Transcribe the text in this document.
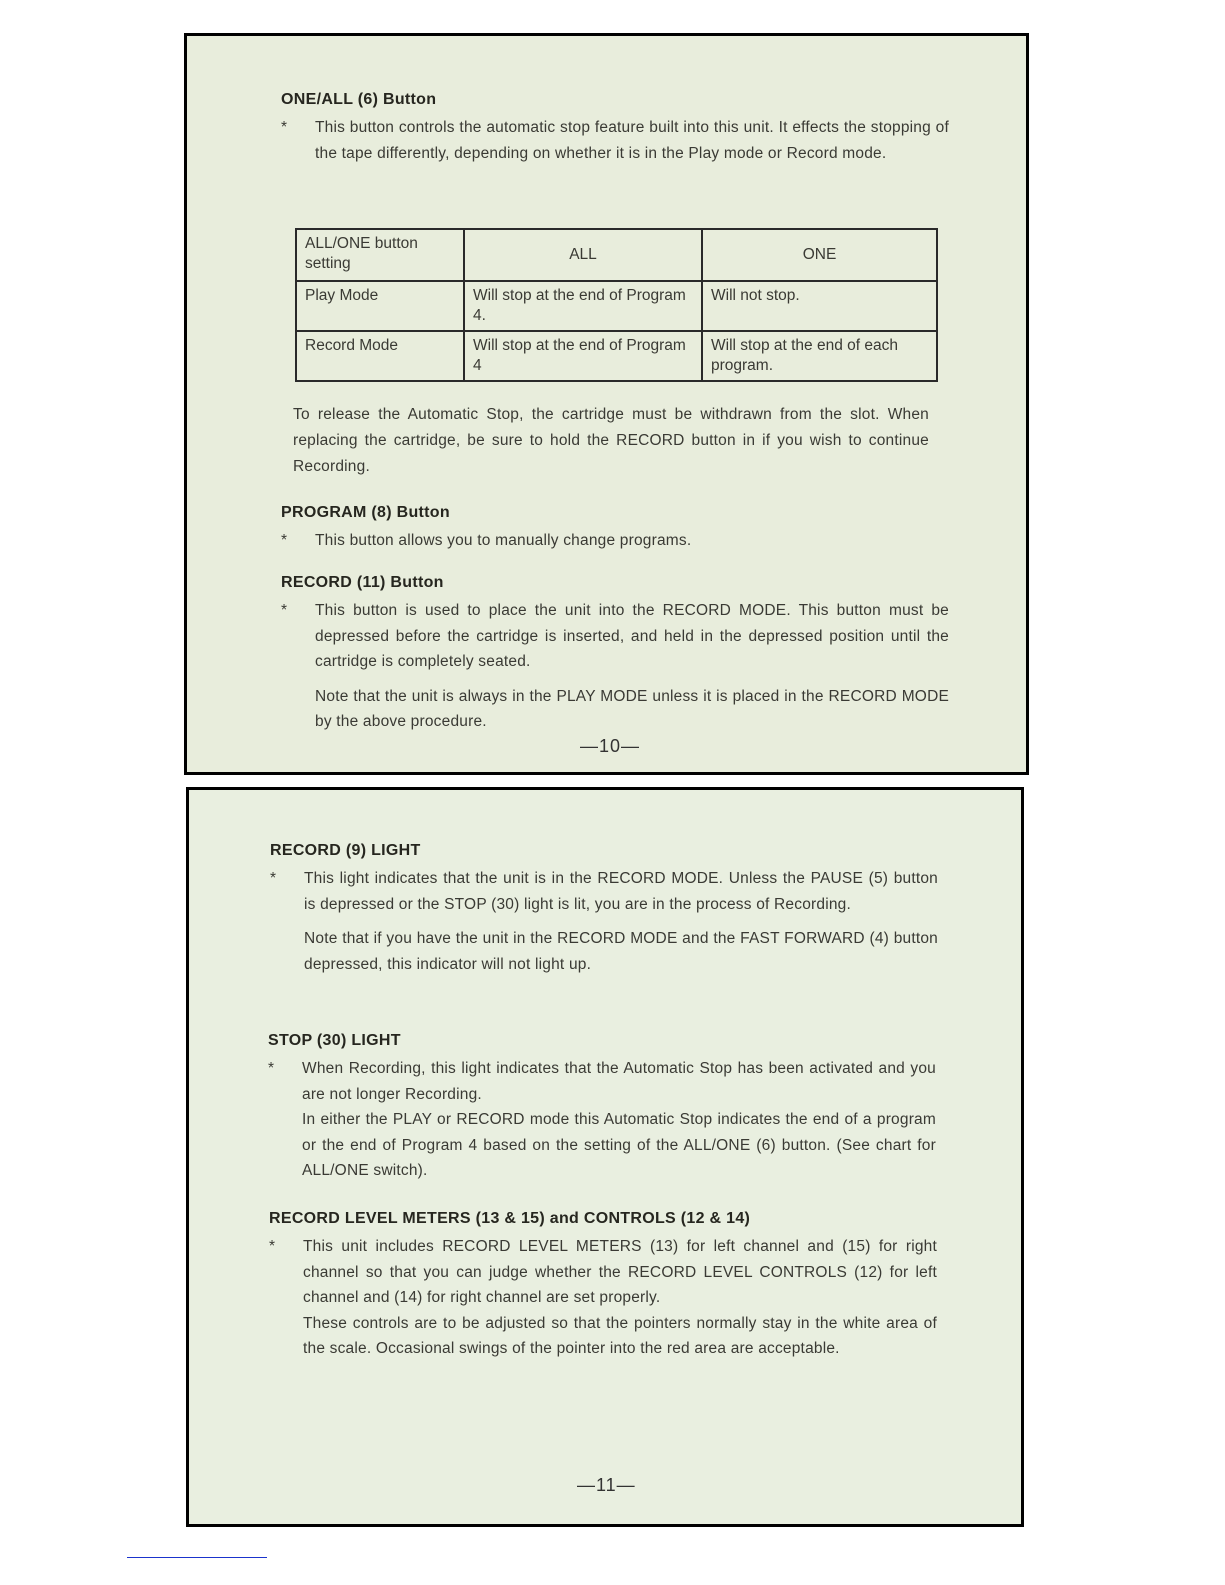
ONE/ALL (6) Button
* This button controls the automatic stop feature built into this unit. It effects the stopping of the tape differently, depending on whether it is in the Play mode or Record mode.

ALL/ONE button setting	ALL	ONE
Play Mode	Will stop at the end of Program 4.	Will not stop.
Record Mode	Will stop at the end of Program 4	Will stop at the end of each program.
To release the Automatic Stop, the cartridge must be withdrawn from the slot. When replacing the cartridge, be sure to hold the RECORD button in if you wish to continue Recording.
PROGRAM (8) Button
* This button allows you to manually change programs.

RECORD (11) Button
* This button is used to place the unit into the RECORD MODE. This button must be depressed before the cartridge is inserted, and held in the depressed position until the cartridge is completely seated.

Note that the unit is always in the PLAY MODE unless it is placed in the RECORD MODE by the above procedure.

—10—
RECORD (9) LIGHT
* This light indicates that the unit is in the RECORD MODE. Unless the PAUSE (5) button is depressed or the STOP (30) light is lit, you are in the process of Recording.

Note that if you have the unit in the RECORD MODE and the FAST FORWARD (4) button depressed, this indicator will not light up.

STOP (30) LIGHT
* When Recording, this light indicates that the Automatic Stop has been activated and you are not longer Recording.

In either the PLAY or RECORD mode this Automatic Stop indicates the end of a program or the end of Program 4 based on the setting of the ALL/ONE (6) button. (See chart for ALL/ONE switch).

RECORD LEVEL METERS (13 & 15) and CONTROLS (12 & 14)
* This unit includes RECORD LEVEL METERS (13) for left channel and (15) for right channel so that you can judge whether the RECORD LEVEL CONTROLS (12) for left channel and (14) for right channel are set properly.

These controls are to be adjusted so that the pointers normally stay in the white area of the scale. Occasional swings of the pointer into the red area are acceptable.

—11—
